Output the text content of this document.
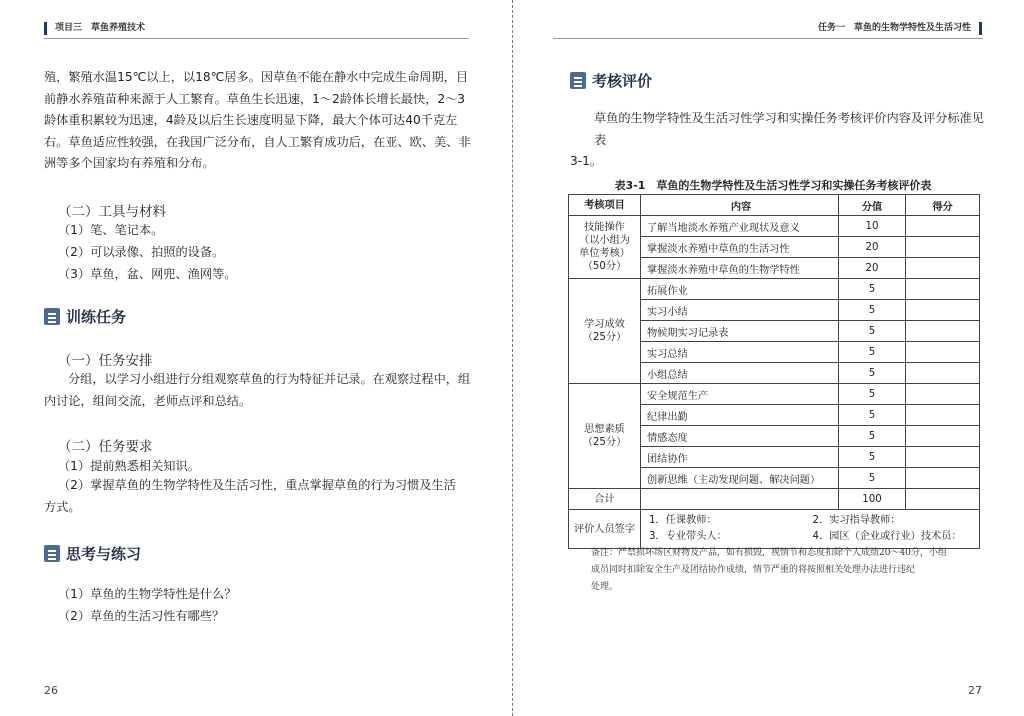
项目三　草鱼养殖技术
殖，繁殖水温15℃以上，以18℃居多。因草鱼不能在静水中完成生命周期，目
前静水养殖苗种来源于人工繁育。草鱼生长迅速，1～2龄体长增长最快，2～3
龄体重积累较为迅速，4龄及以后生长速度明显下降，最大个体可达40千克左
右。草鱼适应性较强，在我国广泛分布，自人工繁育成功后，在亚、欧、美、非
洲等多个国家均有养殖和分布。
（二）工具与材料
（1）笔、笔记本。
（2）可以录像、拍照的设备。
（3）草鱼，盆、网兜、渔网等。
训练任务
（一）任务安排
分组，以学习小组进行分组观察草鱼的行为特征并记录。在观察过程中，组
内讨论，组间交流，老师点评和总结。
（二）任务要求
（1）提前熟悉相关知识。
（2）掌握草鱼的生物学特性及生活习性，重点掌握草鱼的行为习惯及生活
方式。
思考与练习
（1）草鱼的生物学特性是什么？
（2）草鱼的生活习性有哪些？
26
任务一　草鱼的生物学特性及生活习性
考核评价
草鱼的生物学特性及生活习性学习和实操任务考核评价内容及评分标准见表
3-1。
表3-1　草鱼的生物学特性及生活习性学习和实操任务考核评价表
考核项目	内容	分值	得分

技能操作
（以小组为
单位考核）
（50分）	了解当地淡水养殖产业现状及意义	10	
	掌握淡水养殖中草鱼的生活习性	20	
	掌握淡水养殖中草鱼的生物学特性	20	

学习成效
（25分）	拓展作业	5	
	实习小结	5	
	物候期实习记录表	5	
	实习总结	5	
	小组总结	5	

思想素质
（25分）	安全规范生产	5	
	纪律出勤	5	
	情感态度	5	
	团结协作	5	
	创新思维（主动发现问题、解决问题）	5	
合计		100	
评价人员签字	1．任课教师： 2．实习指导教师：
3．专业带头人： 4．园区（企业或行业）技术员：		
备注：严禁损坏场区财物及产品，如有损毁，视情节和态度扣除个人成绩20～40分，小组
成员同时扣除安全生产及团结协作成绩，情节严重的将按照相关处理办法进行违纪
处理。
27
